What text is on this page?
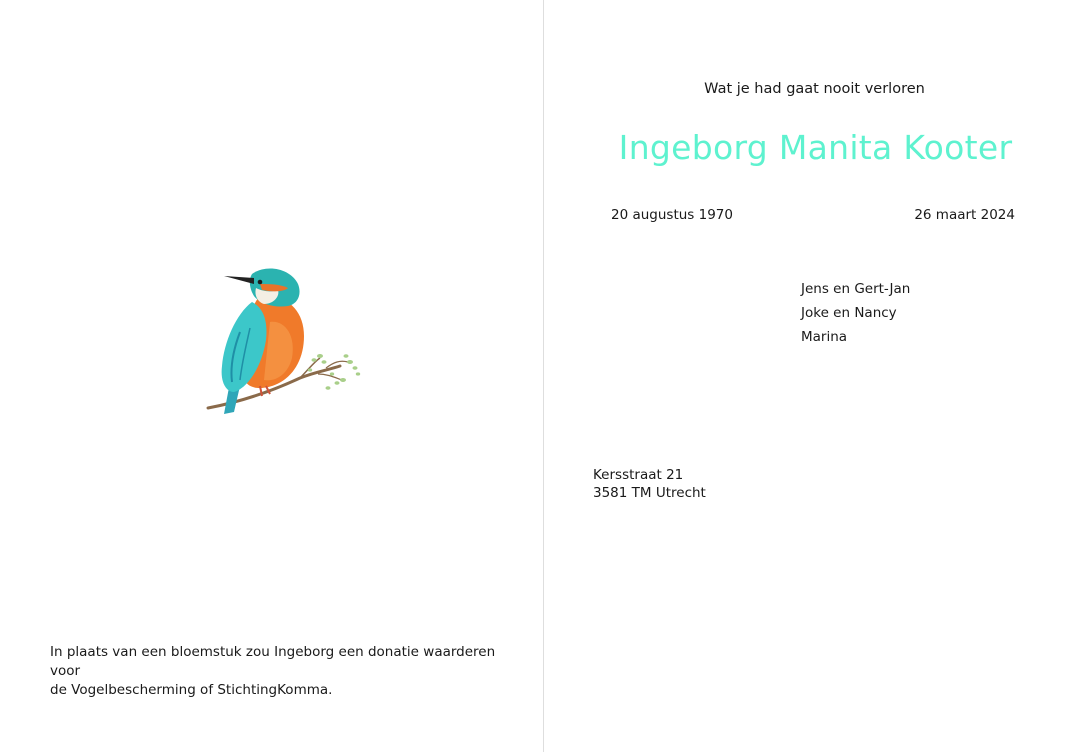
In plaats van een bloemstuk zou Ingeborg een donatie waarderen voor
de Vogelbescherming of StichtingKomma.
Wat je had gaat nooit verloren
Ingeborg Manita Kooter
20 augustus 1970	26 maart 2024
Jens en Gert-Jan
Joke en Nancy
Marina
Kersstraat 21
3581 TM Utrecht
